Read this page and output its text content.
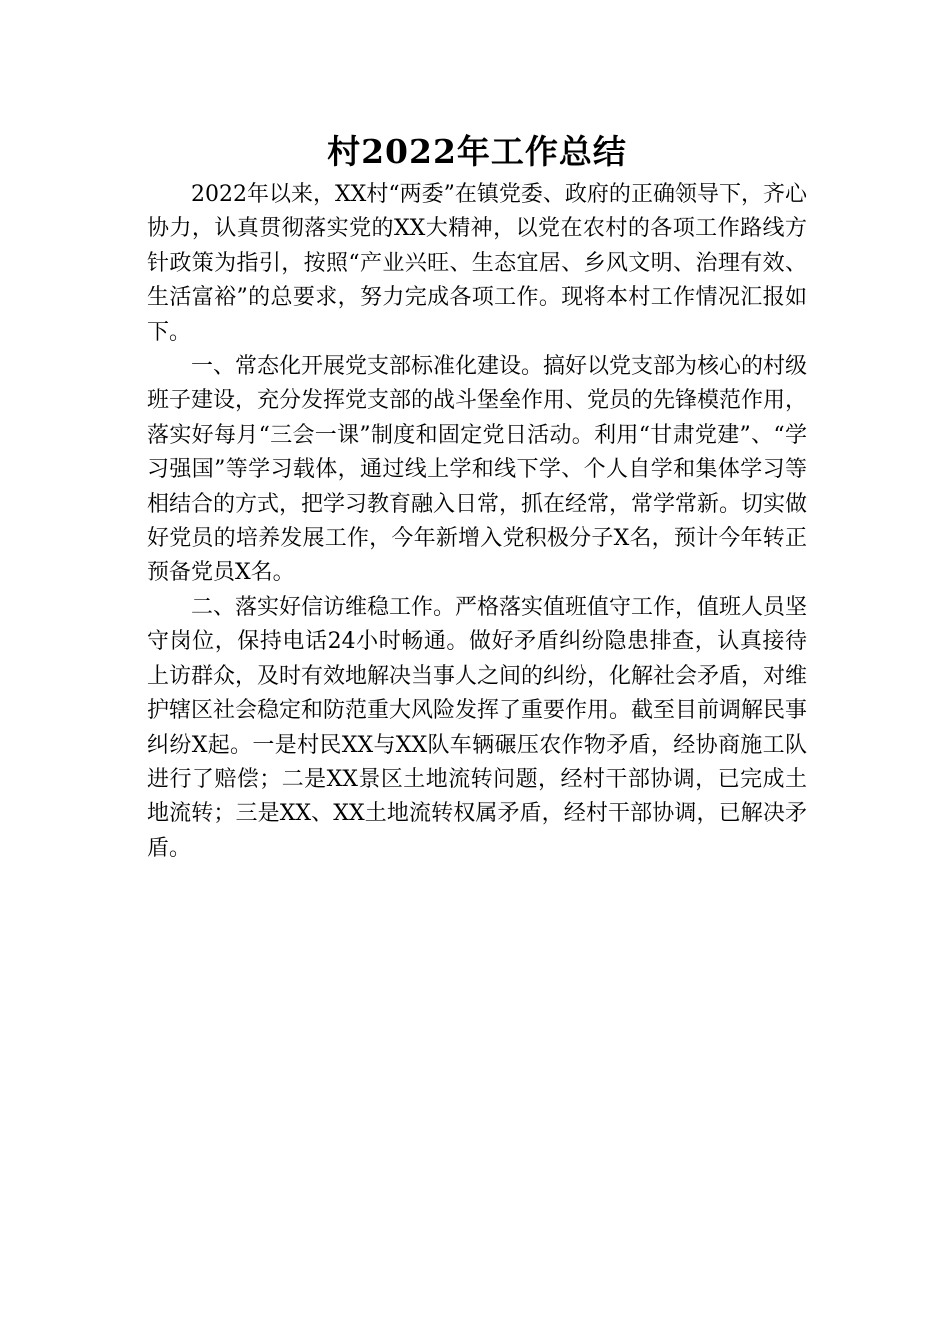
村2022年工作总结

2022年以来，XX村“两委”在镇党委、政府的正确领导下，齐心协力，认真贯彻落实党的XX大精神，以党在农村的各项工作路线方针政策为指引，按照“产业兴旺、生态宜居、乡风文明、治理有效、生活富裕”的总要求，努力完成各项工作。现将本村工作情况汇报如下。

一、常态化开展党支部标准化建设。搞好以党支部为核心的村级班子建设，充分发挥党支部的战斗堡垒作用、党员的先锋模范作用，落实好每月“三会一课”制度和固定党日活动。利用“甘肃党建”、“学习强国”等学习载体，通过线上学和线下学、个人自学和集体学习等相结合的方式，把学习教育融入日常，抓在经常，常学常新。切实做好党员的培养发展工作，今年新增入党积极分子X名，预计今年转正预备党员X名。

二、落实好信访维稳工作。严格落实值班值守工作，值班人员坚守岗位，保持电话24小时畅通。做好矛盾纠纷隐患排查，认真接待上访群众，及时有效地解决当事人之间的纠纷，化解社会矛盾，对维护辖区社会稳定和防范重大风险发挥了重要作用。截至目前调解民事纠纷X起。一是村民XX与XX队车辆碾压农作物矛盾，经协商施工队进行了赔偿；二是XX景区土地流转问题，经村干部协调，已完成土地流转；三是XX、XX土地流转权属矛盾，经村干部协调，已解决矛盾。
